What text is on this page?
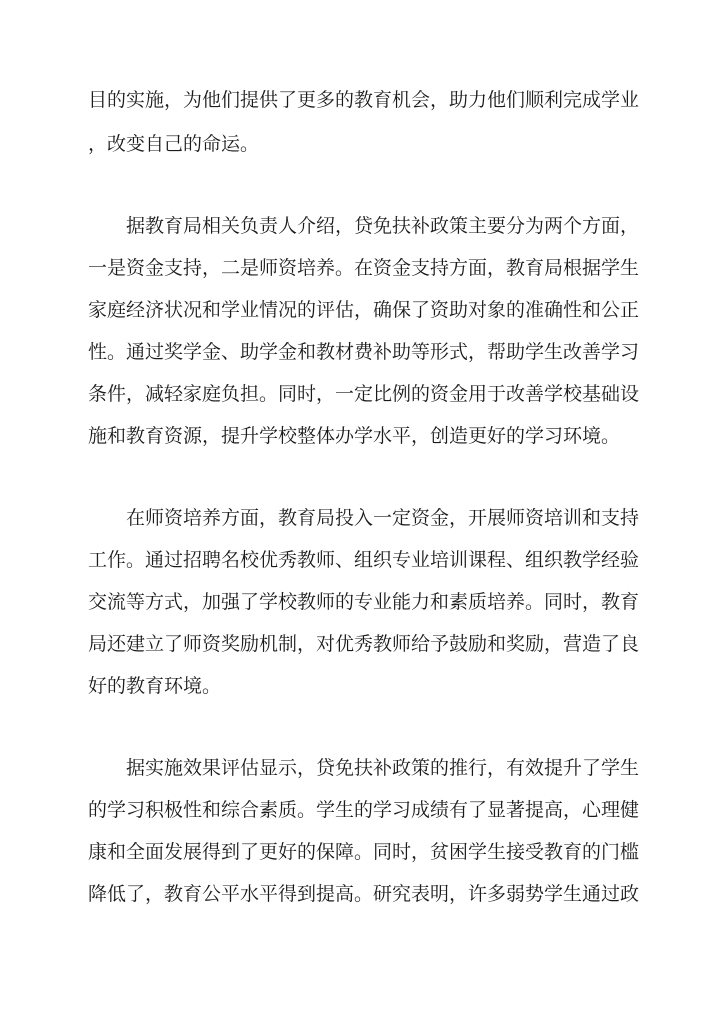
目的实施，为他们提供了更多的教育机会，助力他们顺利完成学业
，改变自己的命运。
据教育局相关负责人介绍，贷免扶补政策主要分为两个方面，
一是资金支持，二是师资培养。在资金支持方面，教育局根据学生
家庭经济状况和学业情况的评估，确保了资助对象的准确性和公正
性。通过奖学金、助学金和教材费补助等形式，帮助学生改善学习
条件，减轻家庭负担。同时，一定比例的资金用于改善学校基础设
施和教育资源，提升学校整体办学水平，创造更好的学习环境。
在师资培养方面，教育局投入一定资金，开展师资培训和支持
工作。通过招聘名校优秀教师、组织专业培训课程、组织教学经验
交流等方式，加强了学校教师的专业能力和素质培养。同时，教育
局还建立了师资奖励机制，对优秀教师给予鼓励和奖励，营造了良
好的教育环境。
据实施效果评估显示，贷免扶补政策的推行，有效提升了学生
的学习积极性和综合素质。学生的学习成绩有了显著提高，心理健
康和全面发展得到了更好的保障。同时，贫困学生接受教育的门槛
降低了，教育公平水平得到提高。研究表明，许多弱势学生通过政
